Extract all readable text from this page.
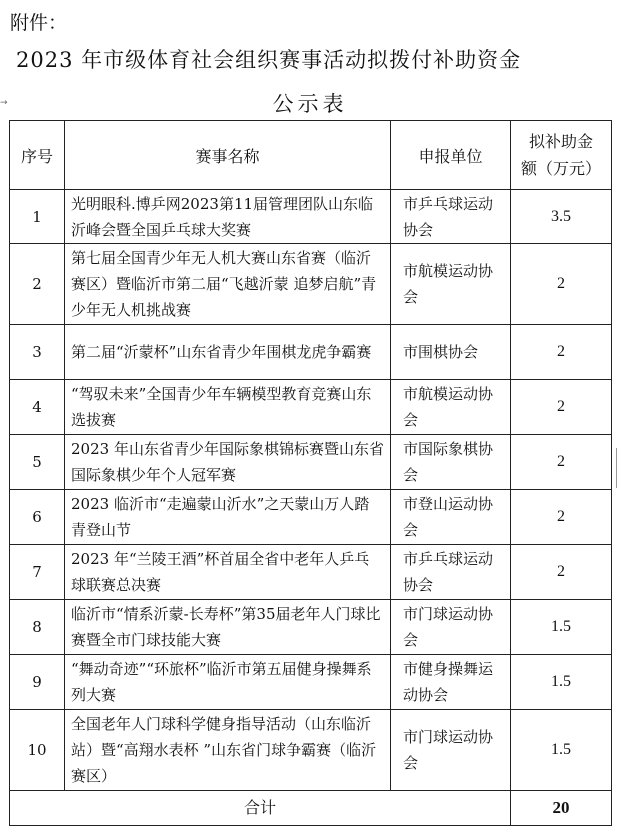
附件：
2023 年市级体育社会组织赛事活动拟拨付补助资金
公示表
→
序号	赛事名称	申报单位	拟补助金
额（万元）

1	光明眼科.博乒网2023第11届管理团队山东临沂峰会暨全国乒乓球大奖赛	市乒乓球运动协会	3.5
2	第七届全国青少年无人机大赛山东省赛（临沂赛区）暨临沂市第二届“飞越沂蒙 追梦启航”青少年无人机挑战赛	市航模运动协会	2
3	第二届“沂蒙杯”山东省青少年围棋龙虎争霸赛	市围棋协会	2
4	“驾驭未来”全国青少年车辆模型教育竞赛山东选拔赛	市航模运动协会	2
5	2023 年山东省青少年国际象棋锦标赛暨山东省国际象棋少年个人冠军赛	市国际象棋协会	2
6	2023 临沂市“走遍蒙山沂水”之天蒙山万人踏青登山节	市登山运动协会	2
7	2023 年“兰陵王酒”杯首届全省中老年人乒乓球联赛总决赛	市乒乓球运动协会	2
8	临沂市“情系沂蒙-长寿杯”第35届老年人门球比赛暨全市门球技能大赛	市门球运动协会	1.5
9	“舞动奇迹”“环旅杯”临沂市第五届健身操舞系列大赛	市健身操舞运动协会	1.5
10	全国老年人门球科学健身指导活动（山东临沂站）暨“高翔水表杯 ”山东省门球争霸赛（临沂赛区）	市门球运动协会	1.5
合计			20
